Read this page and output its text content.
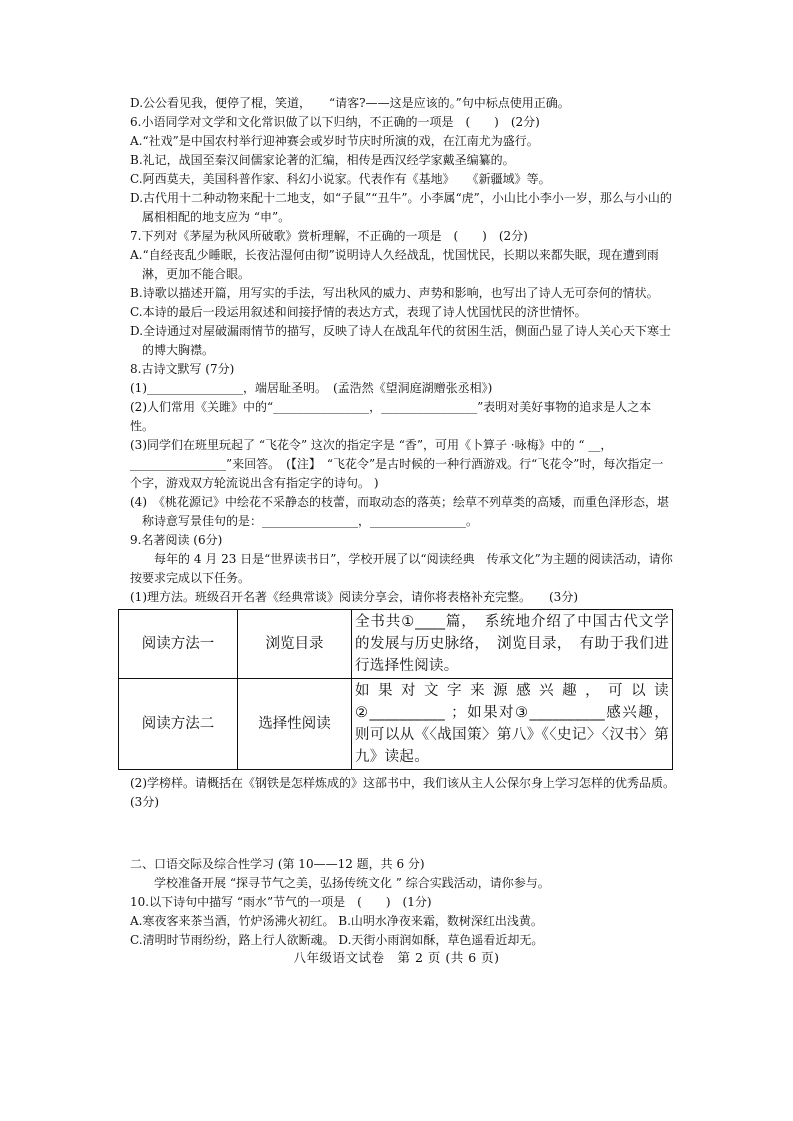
D.公公看见我，便停了棍，笑道，　　“请客?——这是应该的。”句中标点使用正确。
6.小语同学对文学和文化常识做了以下归纳，不正确的一项是　(　　)　(2分)
A.“社戏”是中国农村举行迎神赛会或岁时节庆时所演的戏，在江南尤为盛行。
B.礼记，战国至秦汉间儒家论著的汇编，相传是西汉经学家戴圣编纂的。
C.阿西莫夫，美国科普作家、科幻小说家。代表作有《基地》　　《新疆域》等。
D.古代用十二种动物来配十二地支，如“子鼠”“丑牛”。小李属“虎”，小山比小李小一岁，那么与小山的属相相配的地支应为 “申”。
7.下列对《茅屋为秋风所破歌》赏析理解，不正确的一项是　(　　)　(2分)
A.“自经丧乱少睡眠，长夜沾湿何由彻”说明诗人久经战乱，忧国忧民，长期以来都失眠，现在遭到雨淋，更加不能合眼。
B.诗歌以描述开篇，用写实的手法，写出秋风的威力、声势和影响，也写出了诗人无可奈何的情状。
C.本诗的最后一段运用叙述和间接抒情的表达方式，表现了诗人忧国忧民的济世情怀。
D.全诗通过对屋破漏雨情节的描写，反映了诗人在战乱年代的贫困生活，侧面凸显了诗人关心天下寒士的博大胸襟。
8.古诗文默写 (7分)
(1)________________，端居耻圣明。　(孟浩然《望洞庭湖赠张丞相》)
(2)人们常用《关雎》中的“________________，________________”表明对美好事物的追求是人之本性。
(3)同学们在班里玩起了 “飞花令” 这次的指定字是 “香”，可用《卜算子 ·咏梅》中的 “ __，________________”来回答。　(【注】　“飞花令”是古时候的一种行酒游戏。行“飞花令”时，每次指定一个字，游戏双方轮流说出含有指定字的诗句。 )
(4)　《桃花源记》中绘花不采静态的枝蕾，而取动态的落英；绘草不列草类的高矮，而重色泽形态，堪称诗意写景佳句的是：________________，________________。
9.名著阅读 (6分)
每年的 4 月 23 日是“世界读书日”，学校开展了以“阅读经典　传承文化”为主题的阅读活动，请你按要求完成以下任务。
(1)理方法。班级召开名著《经典常谈》阅读分享会，请你将表格补充完整。　　(3分)
阅读方法一	浏览目录	全书共①____篇，　系统地介绍了中国古代文学的发展与历史脉络，　浏览目录，　有助于我们进行选择性阅读。
阅读方法二	选择性阅读	如 果 对 文 字 来 源 感 兴 趣 ， 可 以 读②__________ ；如果对③__________感兴趣，则可以从《〈战国策〉第八》《〈史记〉〈汉书〉第九》读起。
(2)学榜样。请概括在《钢铁是怎样炼成的》这部书中，我们该从主人公保尔身上学习怎样的优秀品质。　(3分)
二、口语交际及综合性学习 (第 10——12 题，共 6 分)
学校准备开展 “探寻节气之美，弘扬传统文化 ” 综合实践活动，请你参与。
10.以下诗句中描写 “雨水”节气的一项是　(　　)　(1分)
A.寒夜客来茶当酒，竹炉汤沸火初红。 B.山明水净夜来霜，数树深红出浅黄。
C.清明时节雨纷纷，路上行人欲断魂。 D.天街小雨润如酥，草色遥看近却无。
八年级语文试卷　第 2 页 (共 6 页)
